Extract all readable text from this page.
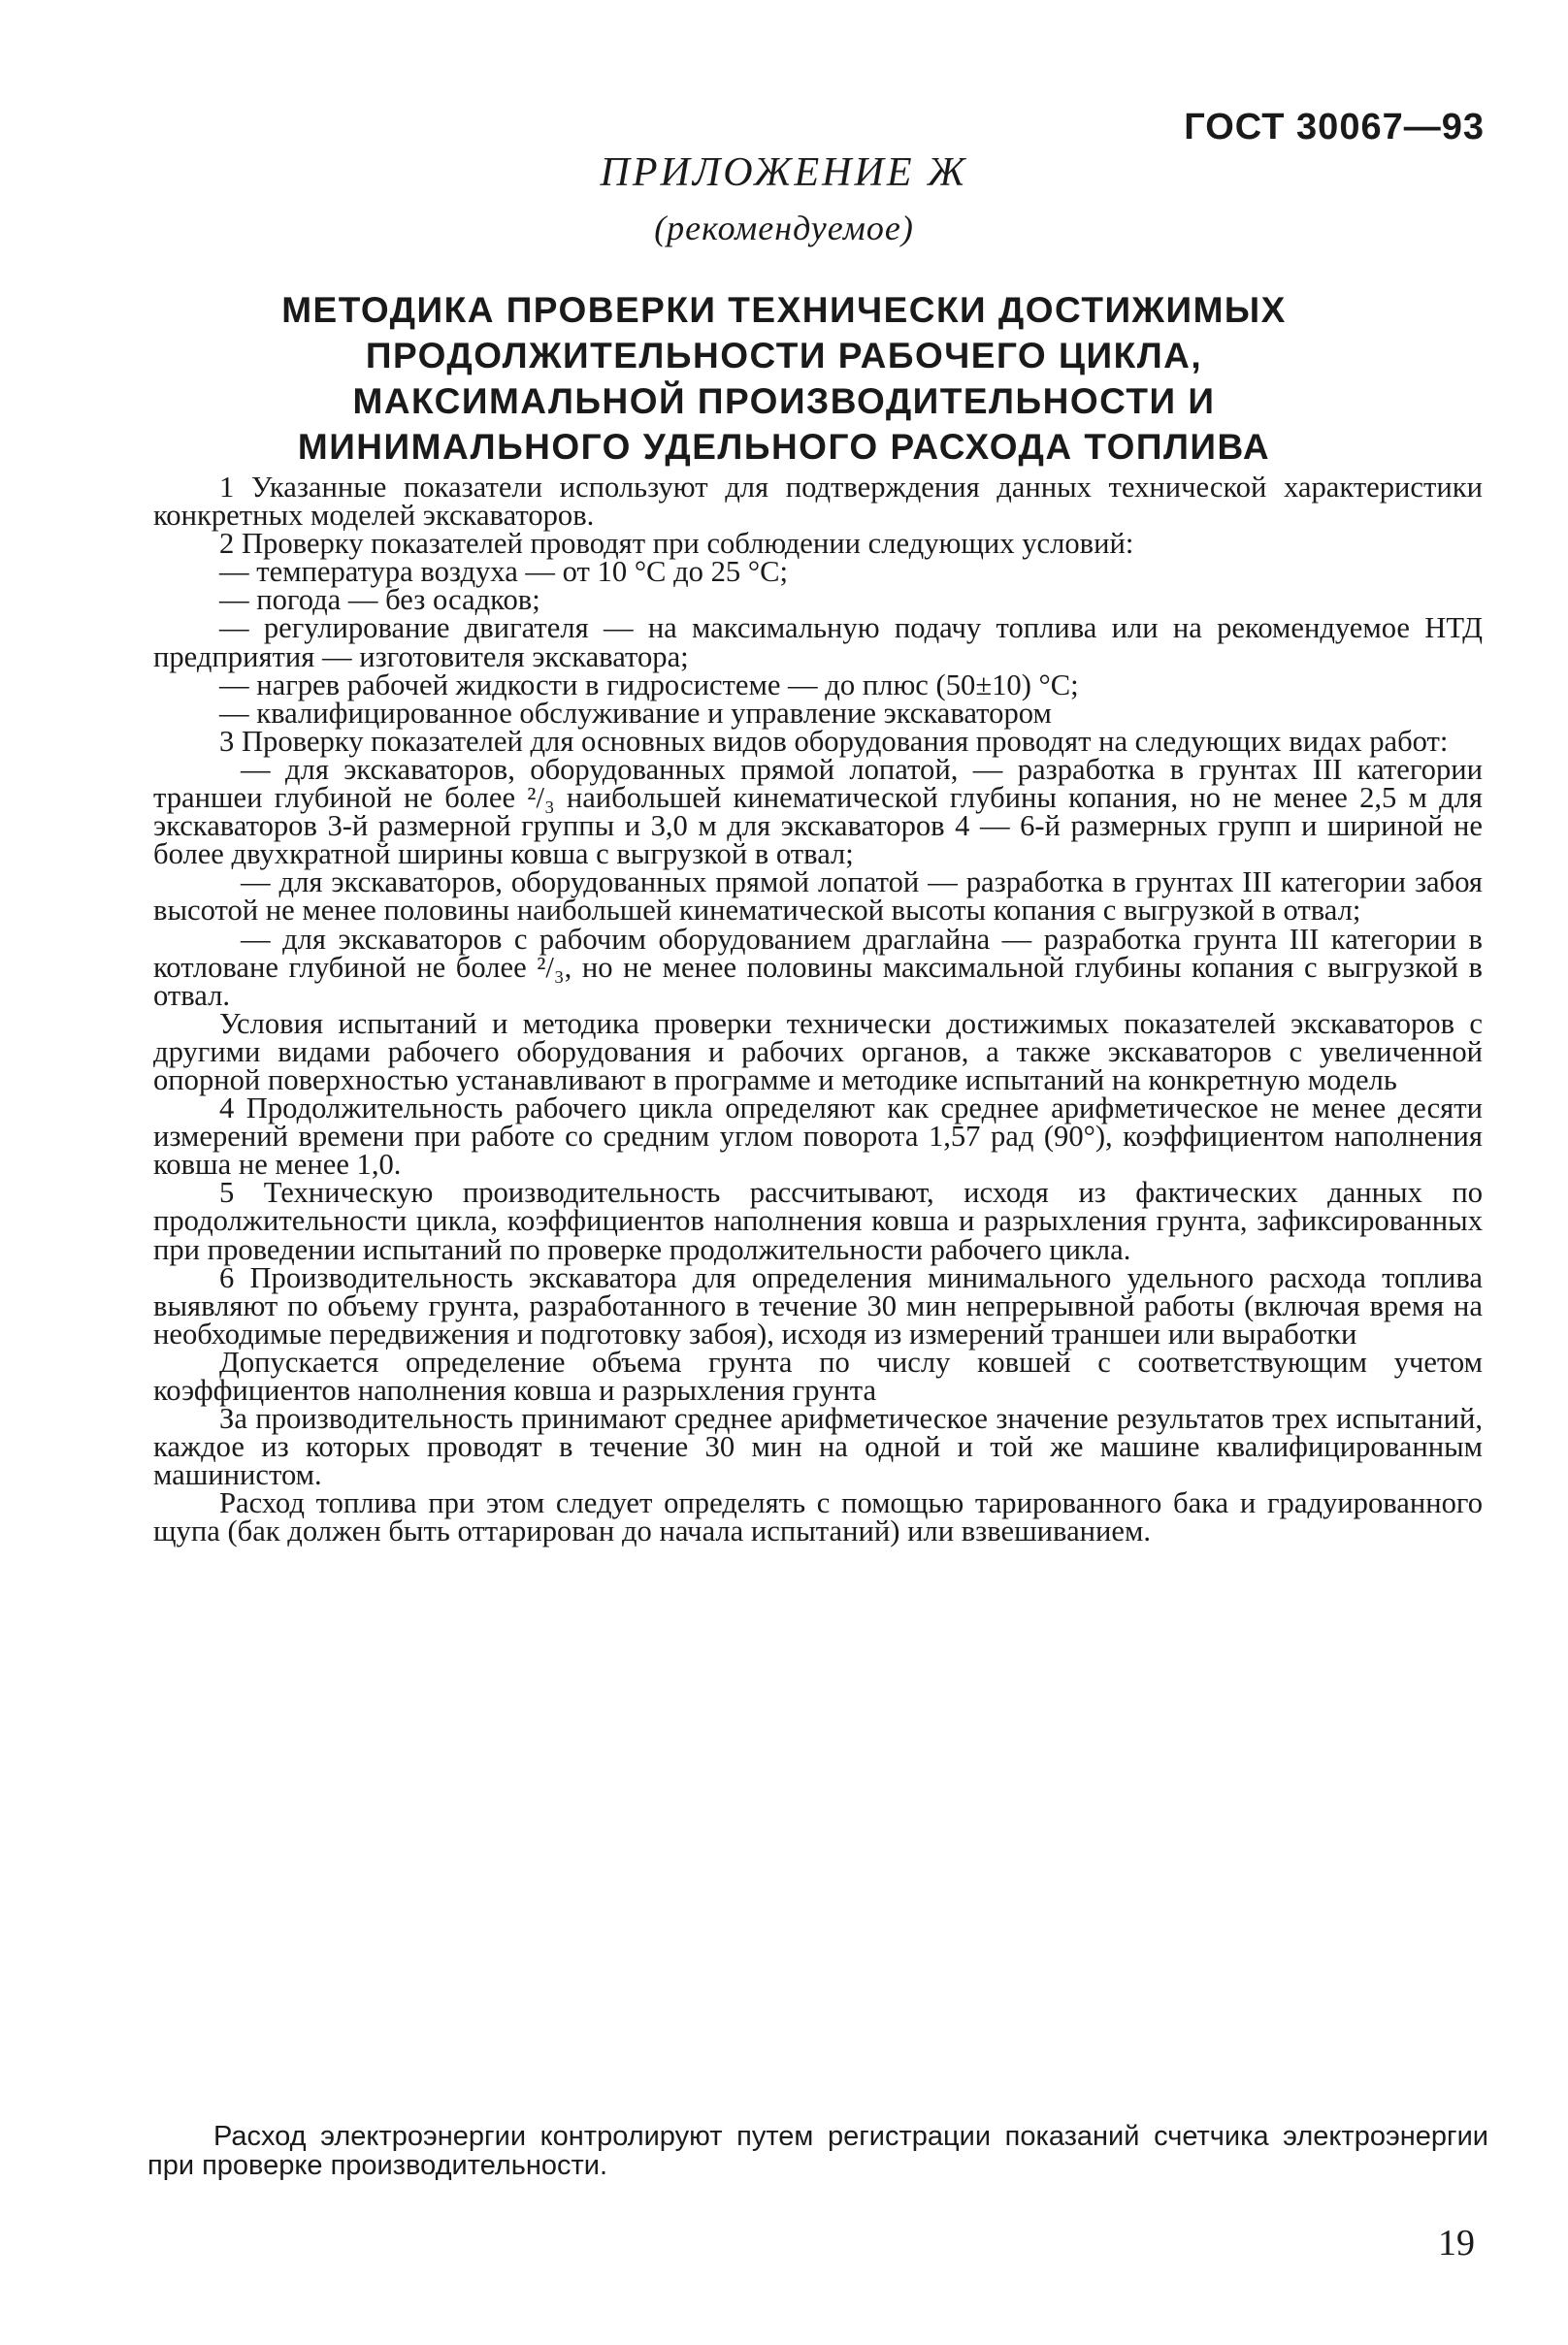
ГОСТ 30067—93
ПРИЛОЖЕНИЕ Ж
(рекомендуемое)
МЕТОДИКА ПРОВЕРКИ ТЕХНИЧЕСКИ ДОСТИЖИМЫХ
ПРОДОЛЖИТЕЛЬНОСТИ РАБОЧЕГО ЦИКЛА,
МАКСИМАЛЬНОЙ ПРОИЗВОДИТЕЛЬНОСТИ И
МИНИМАЛЬНОГО УДЕЛЬНОГО РАСХОДА ТОПЛИВА

1 Указанные показатели используют для подтверждения данных технической характеристики конкретных моделей экскаваторов.

2 Проверку показателей проводят при соблюдении следующих условий:

— температура воздуха — от 10 °С до 25 °С;

— погода — без осадков;

— регулирование двигателя — на максимальную подачу топлива или на рекомендуемое НТД предприятия — изготовителя экскаватора;

— нагрев рабочей жидкости в гидросистеме — до плюс (50±10) °С;

— квалифицированное обслуживание и управление экскаватором

3 Проверку показателей для основных видов оборудования проводят на следующих видах работ:

— для экскаваторов, оборудованных прямой лопатой, — разработка в грунтах III категории траншеи глубиной не более ²/₃ наибольшей кинематической глубины копания, но не менее 2,5 м для экскаваторов 3-й размерной группы и 3,0 м для экскаваторов 4 — 6-й размерных групп и шириной не более двухкратной ширины ковша с выгрузкой в отвал;

— для экскаваторов, оборудованных прямой лопатой — разработка в грунтах III категории забоя высотой не менее половины наибольшей кинематической высоты копания с выгрузкой в отвал;

— для экскаваторов с рабочим оборудованием драглайна — разработка грунта III категории в котловане глубиной не более ²/₃, но не менее половины максимальной глубины копания с выгрузкой в отвал.

Условия испытаний и методика проверки технически достижимых показателей экскаваторов с другими видами рабочего оборудования и рабочих органов, а также экскаваторов с увеличенной опорной поверхностью устанавливают в программе и методике испытаний на конкретную модель

4 Продолжительность рабочего цикла определяют как среднее арифметическое не менее десяти измерений времени при работе со средним углом поворота 1,57 рад (90°), коэффициентом наполнения ковша не менее 1,0.

5 Техническую производительность рассчитывают, исходя из фактических данных по продолжительности цикла, коэффициентов наполнения ковша и разрыхления грунта, зафиксированных при проведении испытаний по проверке продолжительности рабочего цикла.

6 Производительность экскаватора для определения минимального удельного расхода топлива выявляют по объему грунта, разработанного в течение 30 мин непрерывной работы (включая время на необходимые передвижения и подготовку забоя), исходя из измерений траншеи или выработки

Допускается определение объема грунта по числу ковшей с соответствующим учетом коэффициентов наполнения ковша и разрыхления грунта

За производительность принимают среднее арифметическое значение результатов трех испытаний, каждое из которых проводят в течение 30 мин на одной и той же машине квалифицированным машинистом.

Расход топлива при этом следует определять с помощью тарированного бака и градуированного щупа (бак должен быть оттарирован до начала испытаний) или взвешиванием.

Расход электроэнергии контролируют путем регистрации показаний счетчика электроэнергии при проверке производительности.

19
